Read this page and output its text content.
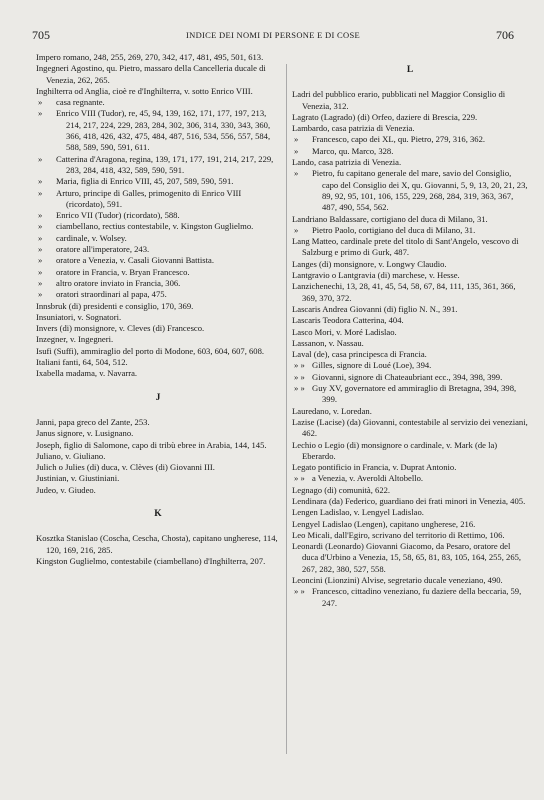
705	INDICE DEI NOMI DI PERSONE E DI COSE	706

Impero romano, 248, 255, 269, 270, 342, 417, 481, 495, 501, 613.

Ingegneri Agostino, qu. Pietro, massaro della Cancelleria ducale di Venezia, 262, 265.

Inghilterra od Anglia, cioè re d'Inghilterra, v. sotto Enrico VIII.

» casa regnante.

» Enrico VIII (Tudor), re, 45, 94, 139, 162, 171, 177, 197, 213, 214, 217, 224, 229, 283, 284, 302, 306, 314, 330, 343, 360, 366, 418, 426, 432, 475, 484, 487, 516, 534, 556, 557, 584, 588, 589, 590, 591, 611.

» Catterina d'Aragona, regina, 139, 171, 177, 191, 214, 217, 229, 283, 284, 418, 432, 589, 590, 591.

» Maria, figlia di Enrico VIII, 45, 207, 589, 590, 591.

» Arturo, principe di Galles, primogenito di Enrico VIII (ricordato), 591.

» Enrico VII (Tudor) (ricordato), 588.

» ciambellano, rectius contestabile, v. Kingston Guglielmo.

» cardinale, v. Wolsey.

» oratore all'imperatore, 243.

» oratore a Venezia, v. Casali Giovanni Battista.

» oratore in Francia, v. Bryan Francesco.

» altro oratore inviato in Francia, 306.

» oratori straordinari al papa, 475.

Innsbruk (di) presidenti e consiglio, 170, 369.

Insuniatori, v. Sognatori.

Invers (di) monsignore, v. Cleves (di) Francesco.

Inzegner, v. Ingegneri.

Isufi (Suffi), ammiraglio del porto di Modone, 603, 604, 607, 608.

Italiani fanti, 64, 504, 512.

Ixabella madama, v. Navarra.

J

Janni, papa greco del Zante, 253.

Janus signore, v. Lusignano.

Joseph, figlio di Salomone, capo di tribù ebree in Arabia, 144, 145.

Juliano, v. Giuliano.

Julich o Julies (di) duca, v. Clèves (di) Giovanni III.

Justinian, v. Giustiniani.

Judeo, v. Giudeo.

K

Kosztka Stanislao (Coscha, Cescha, Chosta), capitano ungherese, 114, 120, 169, 216, 285.

Kingston Guglielmo, contestabile (ciambellano) d'Inghilterra, 207.

L

Ladri del pubblico erario, pubblicati nel Maggior Consiglio di Venezia, 312.

Lagrato (Lagrado) (di) Orfeo, daziere di Brescia, 229.

Lambardo, casa patrizia di Venezia.

» Francesco, capo dei XL, qu. Pietro, 279, 316, 362.

» Marco, qu. Marco, 328.

Lando, casa patrizia di Venezia.

» Pietro, fu capitano generale del mare, savio del Consiglio, capo del Consiglio dei X, qu. Giovanni, 5, 9, 13, 20, 21, 23, 89, 92, 95, 101, 106, 155, 229, 268, 284, 319, 363, 367, 487, 490, 554, 562.

Landriano Baldassare, cortigiano del duca di Milano, 31.

» Pietro Paolo, cortigiano del duca di Milano, 31.

Lang Matteo, cardinale prete del titolo di Sant'Angelo, vescovo di Salzburg e primo di Gurk, 487.

Langes (di) monsignore, v. Longwy Claudio.

Lantgravio o Lantgravia (di) marchese, v. Hesse.

Lanzichenechi, 13, 28, 41, 45, 54, 58, 67, 84, 111, 135, 361, 366, 369, 370, 372.

Lascaris Andrea Giovanni (di) figlio N. N., 391.

Lascaris Teodora Catterina, 404.

Lasco Mori, v. Moré Ladislao.

Lassanon, v. Nassau.

Laval (de), casa principesca di Francia.

» » Gilles, signore di Loué (Loe), 394.

» » Giovanni, signore di Chateaubriant ecc., 394, 398, 399.

» » Guy XV, governatore ed ammiraglio di Bretagna, 394, 398, 399.

Lauredano, v. Loredan.

Lazise (Lacise) (da) Giovanni, contestabile al servizio dei veneziani, 462.

Lechio o Legio (di) monsignore o cardinale, v. Mark (de la) Eberardo.

Legato pontificio in Francia, v. Duprat Antonio.

» » a Venezia, v. Averoldi Altobello.

Legnago (di) comunità, 622.

Lendinara (da) Federico, guardiano dei frati minori in Venezia, 405.

Lengen Ladislao, v. Lengyel Ladislao.

Lengyel Ladislao (Lengen), capitano ungherese, 216.

Leo Micali, dall'Egiro, scrivano del territorio di Rettimo, 106.

Leonardi (Leonardo) Giovanni Giacomo, da Pesaro, oratore del duca d'Urbino a Venezia, 15, 58, 65, 81, 83, 105, 164, 255, 265, 267, 282, 380, 527, 558.

Leoncini (Lionzini) Alvise, segretario ducale veneziano, 490.

» » Francesco, cittadino veneziano, fu daziere della beccaria, 59, 247.
